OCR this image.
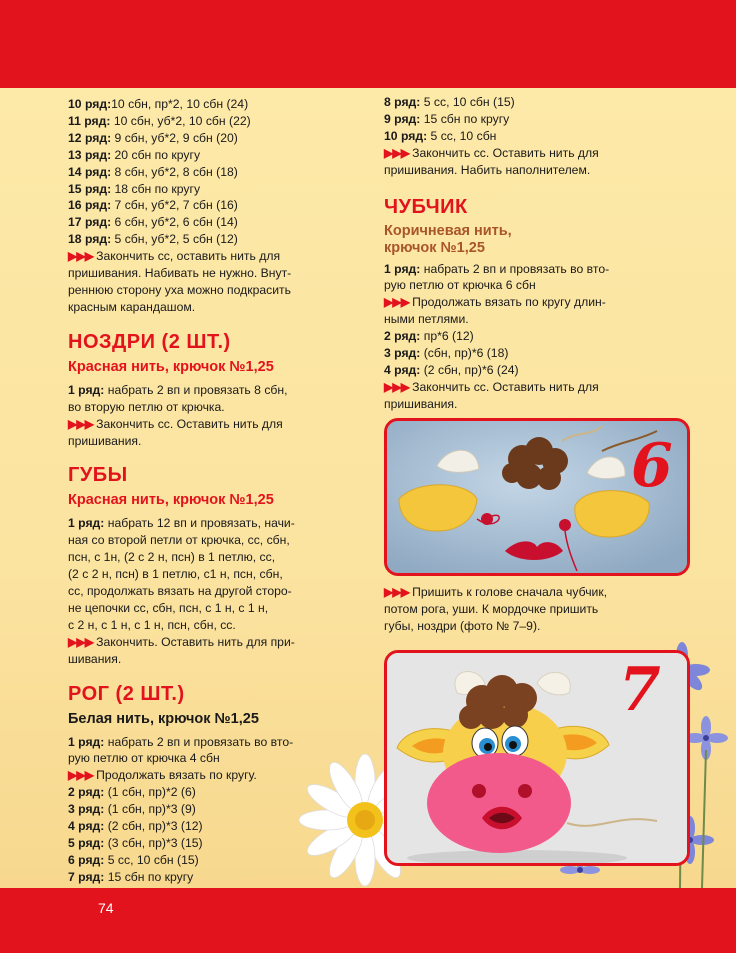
74
10 ряд:10 сбн, пр*2, 10 сбн (24)
11 ряд: 10 сбн, уб*2, 10 сбн (22)
12 ряд: 9 сбн, уб*2, 9 сбн (20)
13 ряд: 20 сбн по кругу
14 ряд: 8 сбн, уб*2, 8 сбн (18)
15 ряд: 18 сбн по кругу
16 ряд: 7 сбн, уб*2, 7 сбн (16)
17 ряд: 6 сбн, уб*2, 6 сбн (14)
18 ряд: 5 сбн, уб*2, 5 сбн (12)
▶▶▶ Закончить сс, оставить нить для
пришивания. Набивать не нужно. Внут-
реннюю сторону уха можно подкрасить
красным карандашом.
НОЗДРИ (2 ШТ.)
Красная нить, крючок №1,25
1 ряд: набрать 2 вп и провязать 8 сбн,
во вторую петлю от крючка.
▶▶▶ Закончить сс. Оставить нить для
пришивания.
ГУБЫ
Красная нить, крючок №1,25
1 ряд: набрать 12 вп и провязать, начи-
ная со второй петли от крючка, сс, сбн,
псн, с 1н, (2 с 2 н, псн) в 1 петлю, сс,
(2 с 2 н, псн) в 1 петлю, с1 н, псн, сбн,
сс, продолжать вязать на другой сторо-
не цепочки сс, сбн, псн, с 1 н, с 1 н,
с 2 н, с 1 н, с 1 н, псн, сбн, сс.
▶▶▶ Закончить. Оставить нить для при-
шивания.
РОГ (2 ШТ.)
Белая нить, крючок №1,25
1 ряд: набрать 2 вп и провязать во вто-
рую петлю от крючка 4 сбн
▶▶▶ Продолжать вязать по кругу.
2 ряд: (1 сбн, пр)*2 (6)
3 ряд: (1 сбн, пр)*3 (9)
4 ряд: (2 сбн, пр)*3 (12)
5 ряд: (3 сбн, пр)*3 (15)
6 ряд: 5 сс, 10 сбн (15)
7 ряд: 15 сбн по кругу
8 ряд: 5 сс, 10 сбн (15)
9 ряд: 15 сбн по кругу
10 ряд: 5 сс, 10 сбн
▶▶▶ Закончить сс. Оставить нить для
пришивания. Набить наполнителем.
ЧУБЧИК
Коричневая нить,
крючок №1,25
1 ряд: набрать 2 вп и провязать во вто-
рую петлю от крючка 6 сбн
▶▶▶ Продолжать вязать по кругу длин-
ными петлями.
2 ряд: пр*6 (12)
3 ряд: (сбн, пр)*6 (18)
4 ряд: (2 сбн, пр)*6 (24)
▶▶▶ Закончить сс. Оставить нить для
пришивания.
6
▶▶▶ Пришить к голове сначала чубчик,
потом рога, уши. К мордочке пришить
губы, ноздри (фото № 7–9).
7
